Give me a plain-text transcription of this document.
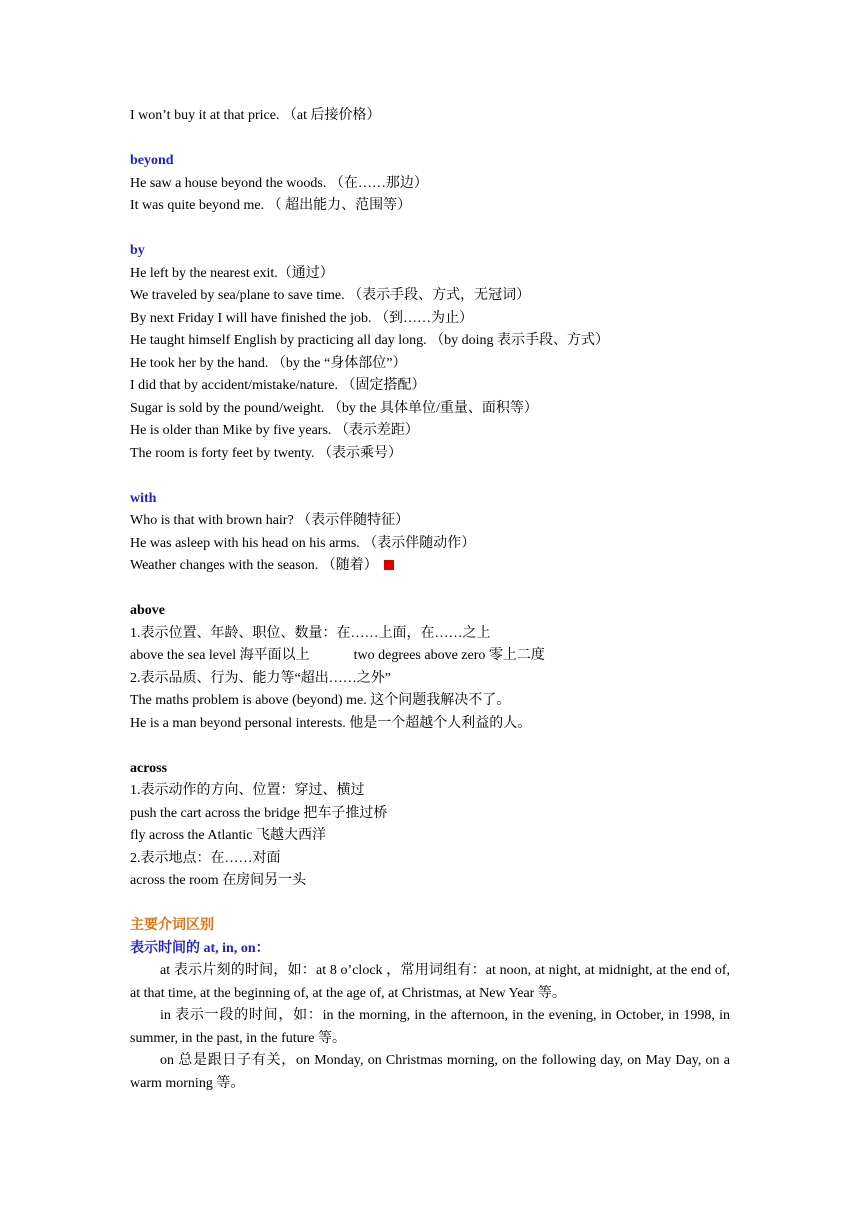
I won’t buy it at that price. （at 后接价格）
beyond
He saw a house beyond the woods. （在……那边）
It was quite beyond me. （ 超出能力、范围等）
by
He left by the nearest exit.（通过）
We traveled by sea/plane to save time. （表示手段、方式，无冠词）
By next Friday I will have finished the job. （到……为止）
He taught himself English by practicing all day long. （by doing 表示手段、方式）
He took her by the hand. （by the “身体部位”）
I did that by accident/mistake/nature. （固定搭配）
Sugar is sold by the pound/weight. （by the 具体单位/重量、面积等）
He is older than Mike by five years. （表示差距）
The room is forty feet by twenty. （表示乘号）
with
Who is that with brown hair? （表示伴随特征）
He was asleep with his head on his arms. （表示伴随动作）
Weather changes with the season. （随着）
above
1.表示位置、年龄、职位、数量：在……上面，在……之上
above the sea level 海平面以上	two degrees above zero 零上二度
2.表示品质、行为、能力等“超出……之外”
The maths problem is above (beyond) me. 这个问题我解决不了。
He is a man beyond personal interests. 他是一个超越个人利益的人。
across
1.表示动作的方向、位置：穿过、横过
push the cart across the bridge 把车子推过桥
fly across the Atlantic 飞越大西洋
2.表示地点：在……对面
across the room 在房间另一头
主要介词区别
表示时间的 at, in, on：
at 表示片刻的时间，如：at 8 o’clock ，常用词组有：at noon, at night, at midnight, at the end of, at that time, at the beginning of, at the age of, at Christmas, at New Year 等。
in 表示一段的时间，如：in the morning, in the afternoon, in the evening, in October, in 1998, in summer, in the past, in the future 等。
on 总是跟日子有关，on Monday, on Christmas morning, on the following day, on May Day, on a warm morning 等。
